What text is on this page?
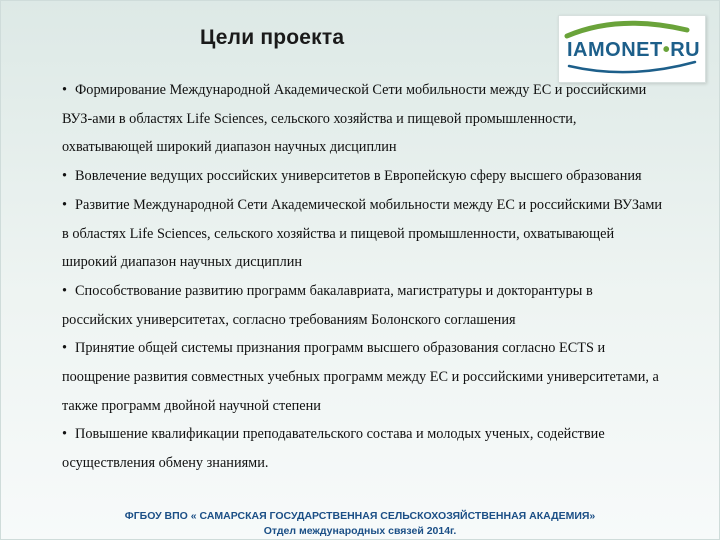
Цели проекта
IAMONET•RU

• Формирование Международной Академической Сети мобильности между ЕС и российскими ВУЗ-ами в областях Life Sciences, сельского хозяйства и пищевой промышленности, охватывающей широкий диапазон научных дисциплин

• Вовлечение ведущих российских университетов в Европейскую сферу высшего образования

• Развитие Международной Сети Академической мобильности между ЕС и российскими ВУЗами в областях Life Sciences, сельского хозяйства и пищевой промышленности, охватывающей широкий диапазон научных дисциплин

• Способствование развитию программ бакалавриата, магистратуры и докторантуры в российских университетах, согласно требованиям Болонского соглашения

• Принятие общей системы признания программ высшего образования согласно ECTS и поощрение развития совместных учебных программ между ЕС и российскими университетами, а также программ двойной научной степени

• Повышение квалификации преподавательского состава и молодых ученых, содействие осуществления обмену знаниями.

ФГБОУ ВПО « САМАРСКАЯ ГОСУДАРСТВЕННАЯ СЕЛЬСКОХОЗЯЙСТВЕННАЯ АКАДЕМИЯ»
Отдел международных связей 2014г.
